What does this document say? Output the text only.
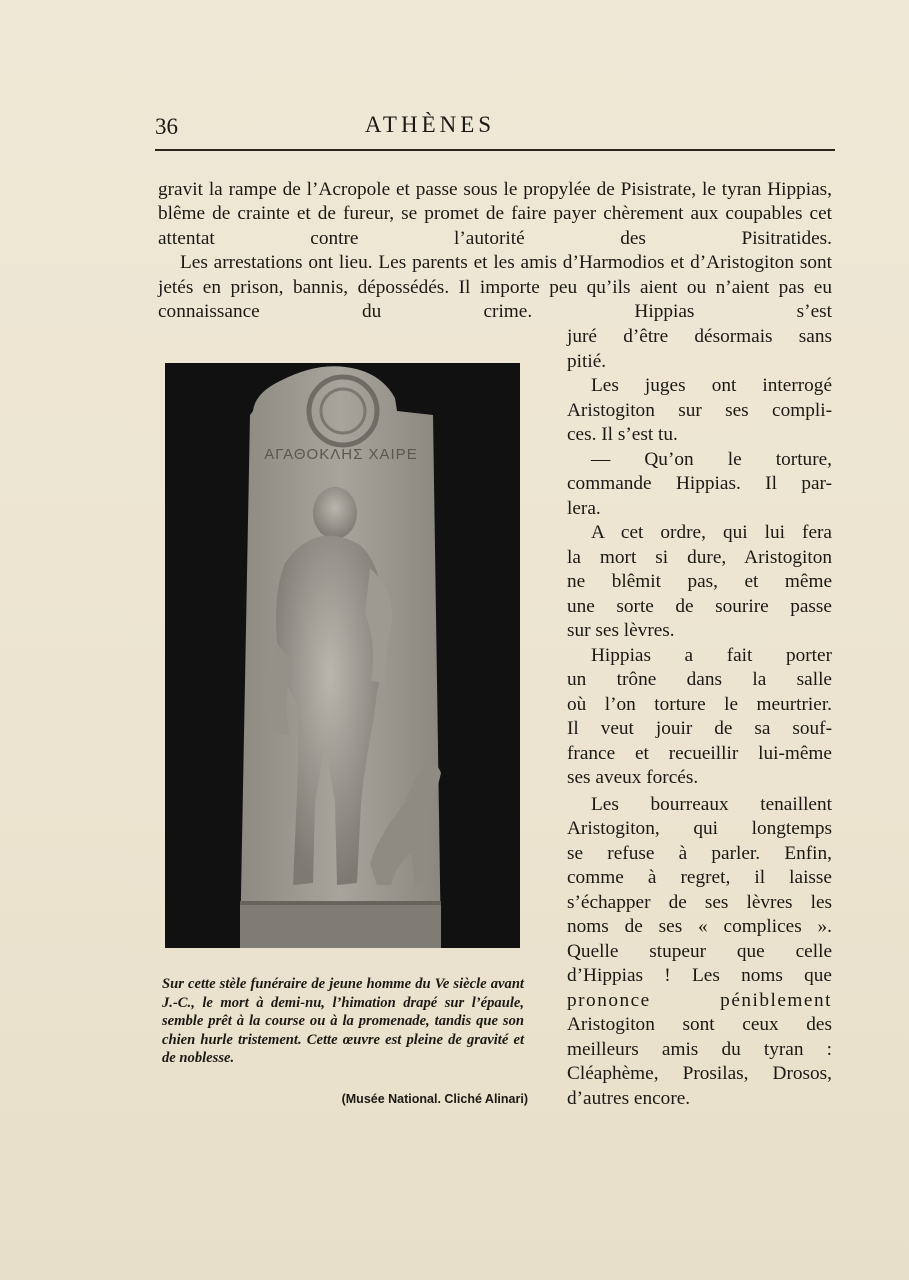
36	ATHÈNES

gravit la rampe de l’Acropole et passe sous le propylée de Pisistrate, le tyran Hippias, blême de crainte et de fureur, se promet de faire payer chèrement aux coupables cet attentat contre l’autorité des Pisitratides.

Les arrestations ont lieu. Les parents et les amis d’Harmodios et d’Aristogiton sont jetés en prison, bannis, dépossédés. Il importe peu qu’ils aient ou n’aient pas eu connaissance du crime. Hippias s’est

ΑΓΑΘΟΚΛΗΣ ΧΑΙΡΕ
Sur cette stèle funéraire de jeune homme du Ve siècle avant J.-C., le mort à demi-nu, l’himation drapé sur l’épaule, semble prêt à la course ou à la promenade, tandis que son chien hurle tristement. Cette œuvre est pleine de gravité et de noblesse.
(Musée National. Cliché Alinari)

juré d’être désormais sans
pitié.

Les juges ont interrogé
Aristogiton sur ses compli-
ces. Il s’est tu.

— Qu’on le torture,
commande Hippias. Il par-
lera.

A cet ordre, qui lui fera
la mort si dure, Aristogiton
ne blêmit pas, et même
une sorte de sourire passe
sur ses lèvres.

Hippias a fait porter
un trône dans la salle
où l’on torture le meurtrier.
Il veut jouir de sa souf-
france et recueillir lui-même
ses aveux forcés.

Les bourreaux tenaillent
Aristogiton, qui longtemps
se refuse à parler. Enfin,
comme à regret, il laisse
s’échapper de ses lèvres les
noms de ses « complices ».
Quelle stupeur que celle
d’Hippias ! Les noms que
prononce péniblement
Aristogiton sont ceux des
meilleurs amis du tyran :
Cléaphème, Prosilas, Drosos,
d’autres encore.
